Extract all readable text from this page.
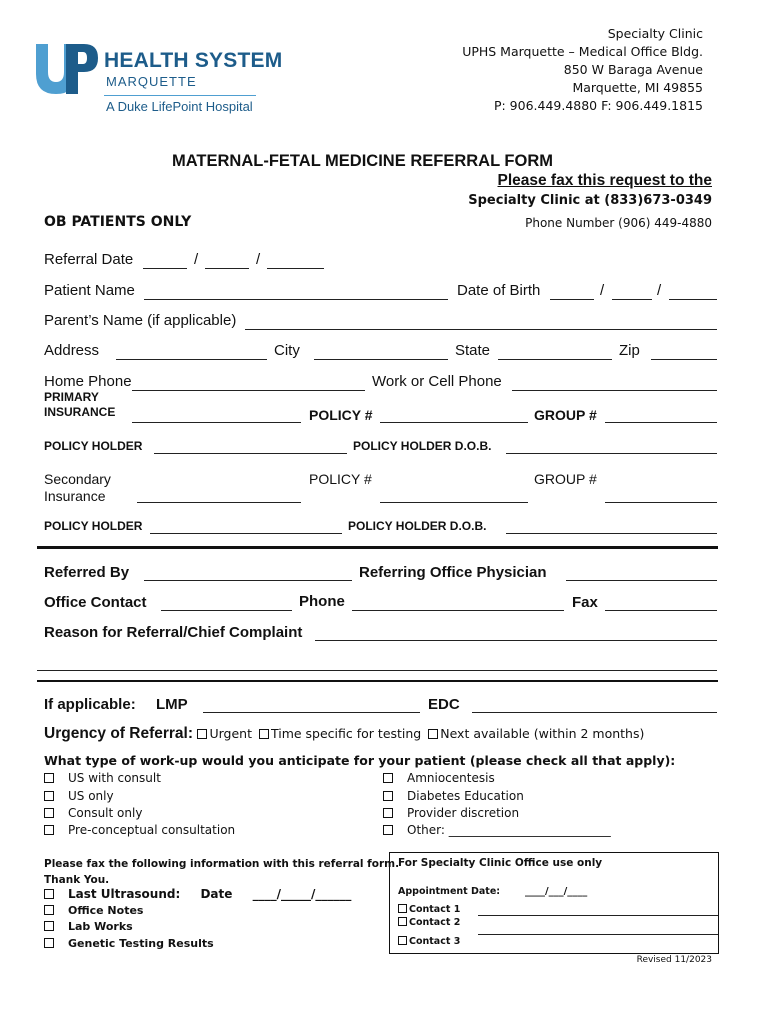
HEALTH SYSTEM
MARQUETTE
A Duke LifePoint Hospital
Specialty Clinic
UPHS Marquette – Medical Office Bldg.
850 W Baraga Avenue
Marquette, MI 49855
P: 906.449.4880 F: 906.449.1815
MATERNAL-FETAL MEDICINE REFERRAL FORM
Please fax this request to the
Specialty Clinic at (833)673-0349
OB PATIENTS ONLY	Phone Number (906) 449-4880
Referral Date	/	/
Patient Name	Date of Birth	/	/
Parent’s Name (if applicable)
Address	City	State	Zip
Home Phone	Work or Cell Phone
PRIMARY
INSURANCE	POLICY #	GROUP #
POLICY HOLDER	POLICY HOLDER D.O.B.
Secondary
Insurance
POLICY #	GROUP #
POLICY HOLDER	POLICY HOLDER D.O.B.
Referred By	Referring Office Physician
Office Contact	Phone	Fax
Reason for Referral/Chief Complaint
If applicable: LMP	EDC
Urgency of Referral: Urgent Time specific for testing Next available (within 2 months)
What type of work-up would you anticipate for your patient (please check all that apply):
US with consult
US only
Consult only
Pre-conceptual consultation
Amniocentesis
Diabetes Education
Provider discretion
Other: ___________________________
Please fax the following information with this referral form.
Thank You.
Last Ultrasound: Date ____/_____/______
Office Notes
Lab Works
Genetic Testing Results
For Specialty Clinic Office use only
Appointment Date: ____/___/____
Contact 1
Contact 2
Contact 3
Revised 11/2023
